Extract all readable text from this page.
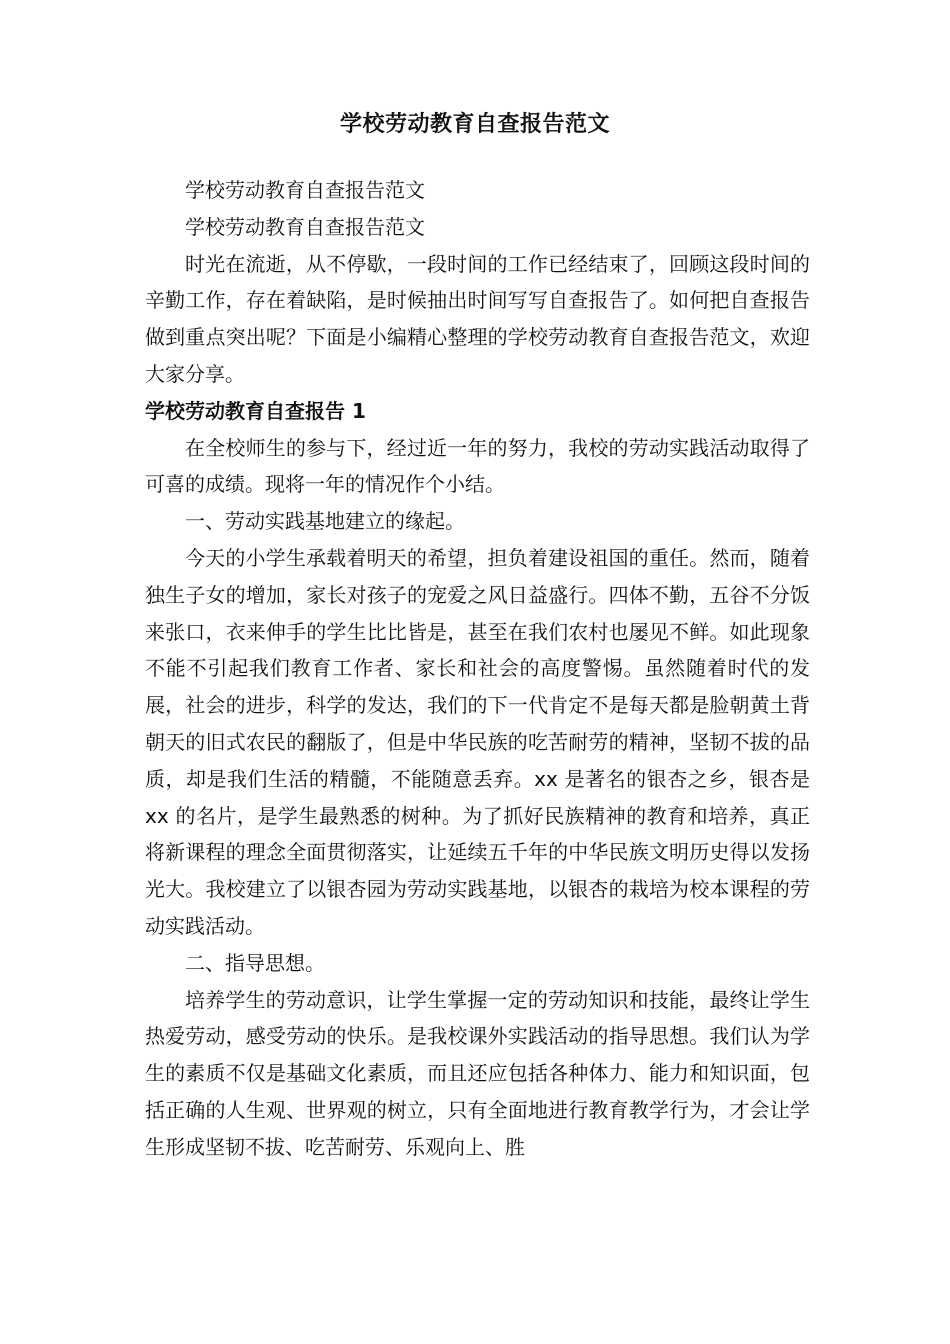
学校劳动教育自查报告范文

学校劳动教育自查报告范文

学校劳动教育自查报告范文

时光在流逝，从不停歇，一段时间的工作已经结束了，回顾这段时间的辛勤工作，存在着缺陷，是时候抽出时间写写自查报告了。如何把自查报告做到重点突出呢？下面是小编精心整理的学校劳动教育自查报告范文，欢迎大家分享。

学校劳动教育自查报告 1

在全校师生的参与下，经过近一年的努力，我校的劳动实践活动取得了可喜的成绩。现将一年的情况作个小结。

一、劳动实践基地建立的缘起。

今天的小学生承载着明天的希望，担负着建设祖国的重任。然而，随着独生子女的增加，家长对孩子的宠爱之风日益盛行。四体不勤，五谷不分饭来张口，衣来伸手的学生比比皆是，甚至在我们农村也屡见不鲜。如此现象不能不引起我们教育工作者、家长和社会的高度警惕。虽然随着时代的发展，社会的进步，科学的发达，我们的下一代肯定不是每天都是脸朝黄土背朝天的旧式农民的翻版了，但是中华民族的吃苦耐劳的精神，坚韧不拔的品质，却是我们生活的精髓，不能随意丢弃。xx 是著名的银杏之乡，银杏是 xx 的名片，是学生最熟悉的树种。为了抓好民族精神的教育和培养，真正将新课程的理念全面贯彻落实，让延续五千年的中华民族文明历史得以发扬光大。我校建立了以银杏园为劳动实践基地，以银杏的栽培为校本课程的劳动实践活动。

二、指导思想。

培养学生的劳动意识，让学生掌握一定的劳动知识和技能，最终让学生热爱劳动，感受劳动的快乐。是我校课外实践活动的指导思想。我们认为学生的素质不仅是基础文化素质，而且还应包括各种体力、能力和知识面，包括正确的人生观、世界观的树立，只有全面地进行教育教学行为，才会让学生形成坚韧不拔、吃苦耐劳、乐观向上、胜
